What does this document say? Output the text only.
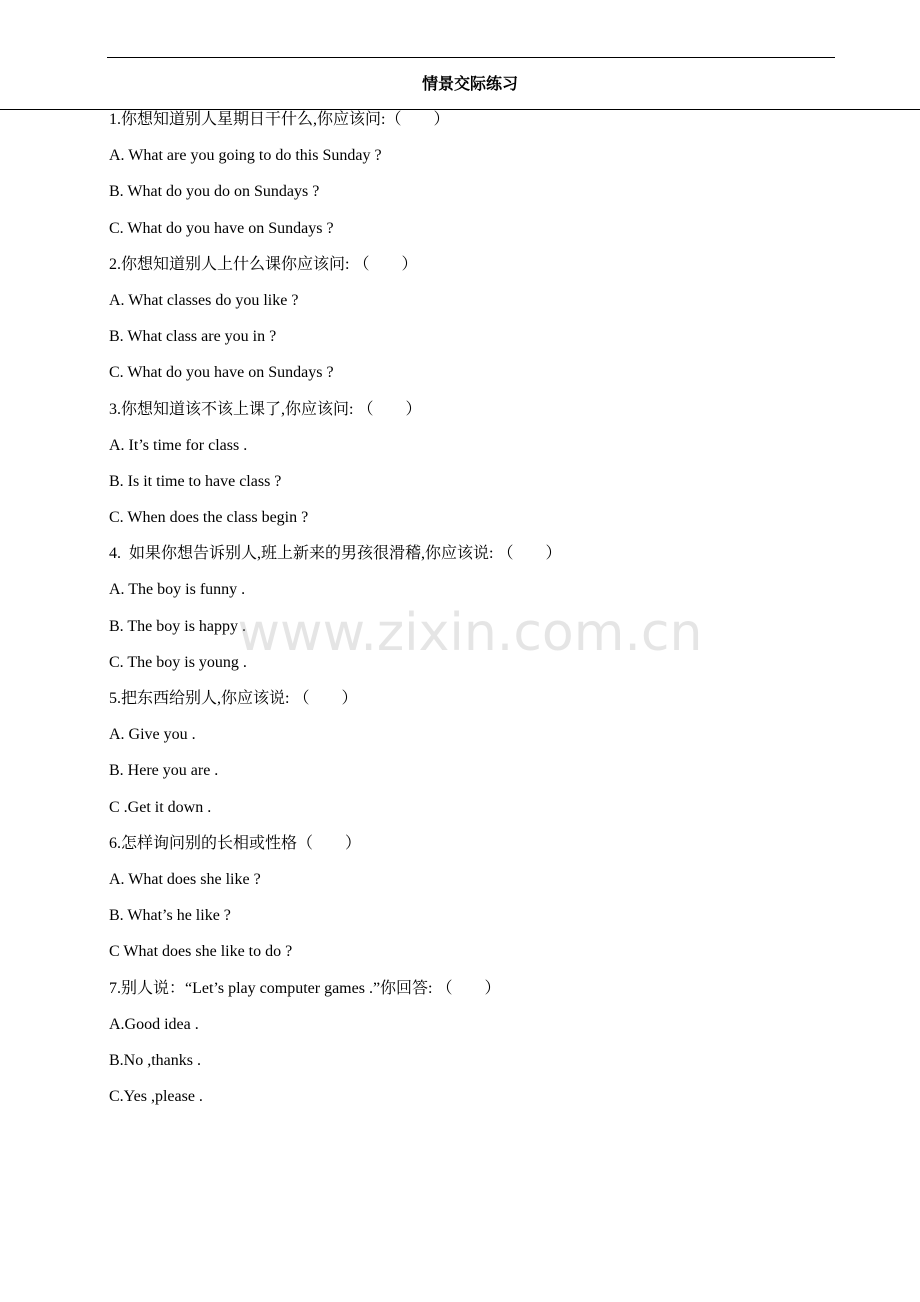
情景交际练习
1.你想知道别人星期日干什么,你应该问:（　　）
A. What are you going to do this Sunday ?
B. What do you do on Sundays ?
C. What do you have on Sundays ?
2.你想知道别人上什么课你应该问: （　　）
A. What classes do you like ?
B. What class are you in ?
C. What do you have on Sundays ?
3.你想知道该不该上课了,你应该问: （　　）
A. It’s time for class .
B. Is it time to have class ?
C. When does the class begin ?
4.  如果你想告诉别人,班上新来的男孩很滑稽,你应该说: （　　）
A. The boy is funny .
B. The boy is happy .
C. The boy is young .
5.把东西给别人,你应该说: （　　）
A. Give you .
B. Here you are .
C .Get it down .
6.怎样询问别的长相或性格（　　）
A. What does she like ?
B. What’s he like ?
C What does she like to do ?
7.别人说：“Let’s play computer games .”你回答: （　　）
A.Good idea .
B.No ,thanks .
C.Yes ,please .
www.zixin.com.cn
